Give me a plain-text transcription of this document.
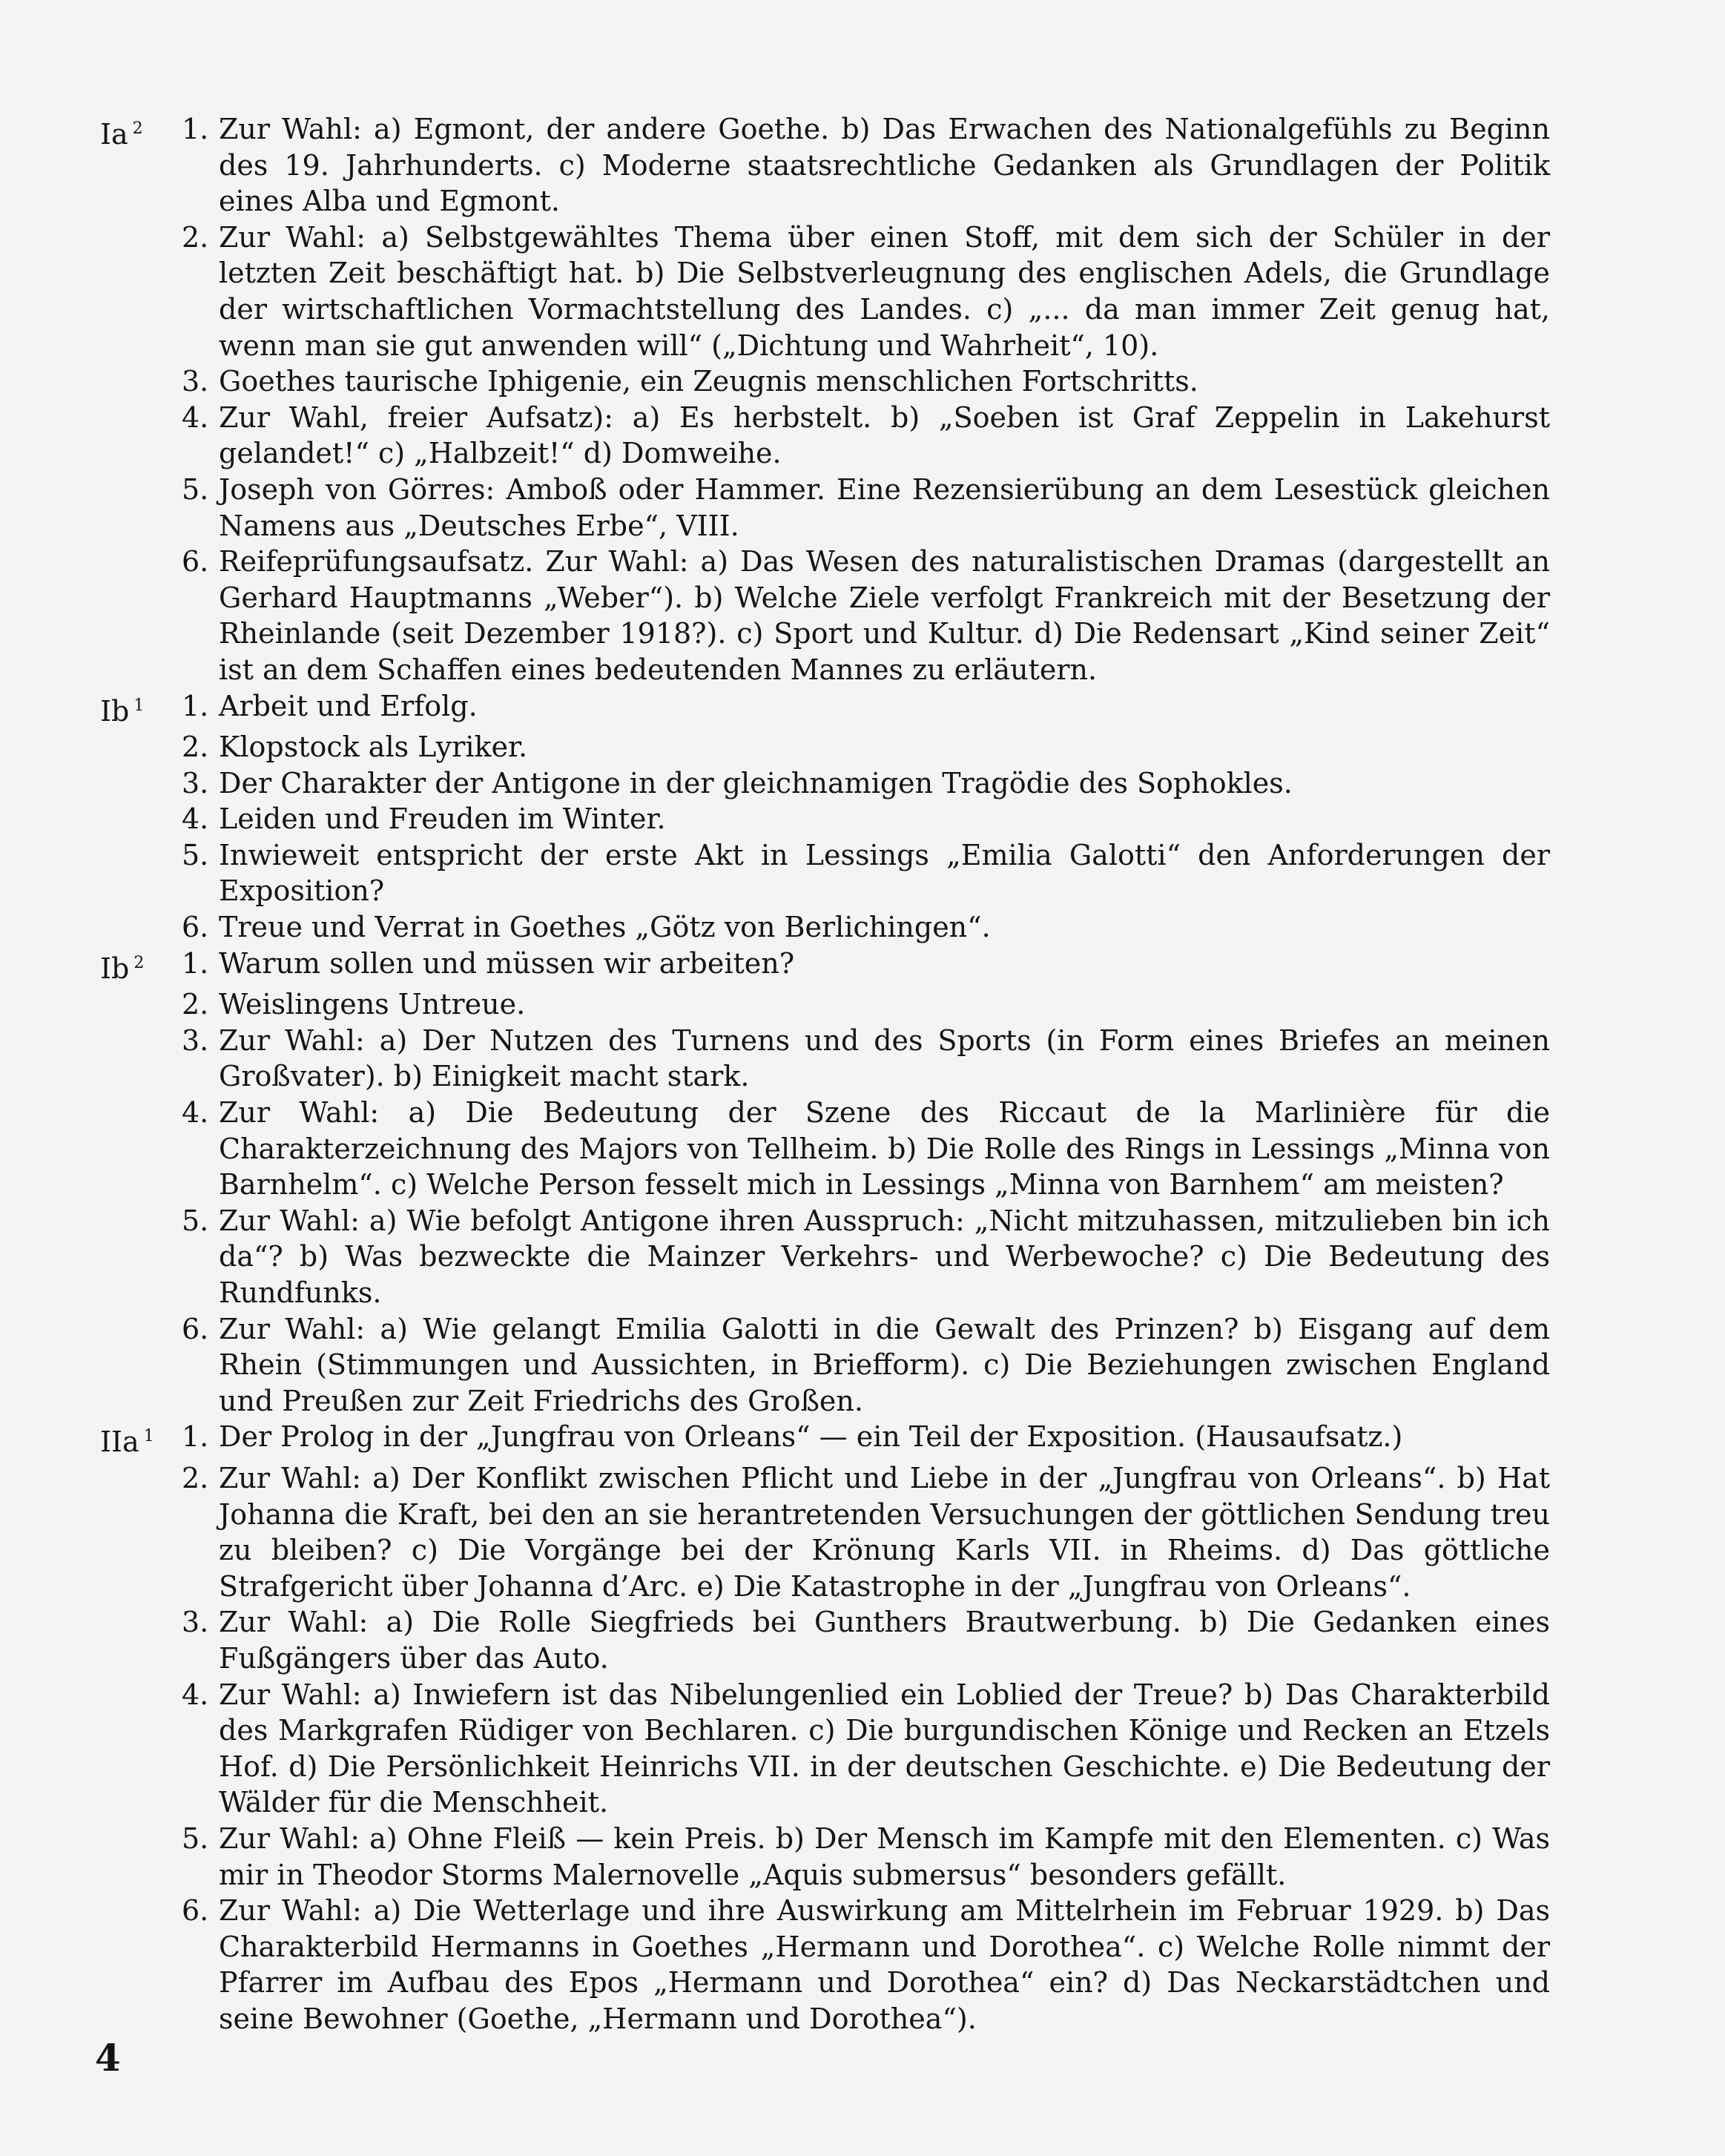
Ia $^2$	1. Zur Wahl: a) Egmont, der andere Goethe. b) Das Erwachen des Nationalgefühls zu Beginn des 19. Jahrhunderts. c) Moderne staatsrechtliche Gedanken als Grundlagen der Politik eines Alba und Egmont.
2. Zur Wahl: a) Selbstgewähltes Thema über einen Stoff, mit dem sich der Schüler in der letzten Zeit beschäftigt hat. b) Die Selbstverleugnung des englischen Adels, die Grundlage der wirtschaftlichen Vormachtstellung des Landes. c) „... da man immer Zeit genug hat, wenn man sie gut anwenden will“ („Dichtung und Wahrheit“, 10).
3. Goethes taurische Iphigenie, ein Zeugnis menschlichen Fortschritts.
4. Zur Wahl, freier Aufsatz): a) Es herbstelt. b) „Soeben ist Graf Zeppelin in Lakehurst gelandet!“ c) „Halbzeit!“ d) Domweihe.
5. Joseph von Görres: Amboß oder Hammer. Eine Rezensierübung an dem Lesestück gleichen Namens aus „Deutsches Erbe“, VIII.
6. Reifeprüfungsaufsatz. Zur Wahl: a) Das Wesen des naturalistischen Dramas (dargestellt an Gerhard Hauptmanns „Weber“). b) Welche Ziele verfolgt Frankreich mit der Besetzung der Rheinlande (seit Dezember 1918?). c) Sport und Kultur. d) Die Redensart „Kind seiner Zeit“ ist an dem Schaffen eines bedeutenden Mannes zu erläutern.
Ib $^1$	1. Arbeit und Erfolg.
2. Klopstock als Lyriker.
3. Der Charakter der Antigone in der gleichnamigen Tragödie des Sophokles.
4. Leiden und Freuden im Winter.
5. Inwieweit entspricht der erste Akt in Lessings „Emilia Galotti“ den Anforderungen der Exposition?
6. Treue und Verrat in Goethes „Götz von Berlichingen“.
Ib $^2$	1. Warum sollen und müssen wir arbeiten?
2. Weislingens Untreue.
3. Zur Wahl: a) Der Nutzen des Turnens und des Sports (in Form eines Briefes an meinen Großvater). b) Einigkeit macht stark.
4. Zur Wahl: a) Die Bedeutung der Szene des Riccaut de la Marlinière für die Charakterzeichnung des Majors von Tellheim. b) Die Rolle des Rings in Lessings „Minna von Barnhelm“. c) Welche Person fesselt mich in Lessings „Minna von Barnhem“ am meisten?
5. Zur Wahl: a) Wie befolgt Antigone ihren Ausspruch: „Nicht mitzuhassen, mitzulieben bin ich da“? b) Was bezweckte die Mainzer Verkehrs- und Werbewoche? c) Die Bedeutung des Rundfunks.
6. Zur Wahl: a) Wie gelangt Emilia Galotti in die Gewalt des Prinzen? b) Eisgang auf dem Rhein (Stimmungen und Aussichten, in Briefform). c) Die Beziehungen zwischen England und Preußen zur Zeit Friedrichs des Großen.
IIa $^1$ 1. Der Prolog in der „Jungfrau von Orleans“ — ein Teil der Exposition. (Hausaufsatz.)
2. Zur Wahl: a) Der Konflikt zwischen Pflicht und Liebe in der „Jungfrau von Orleans“. b) Hat Johanna die Kraft, bei den an sie herantretenden Versuchungen der göttlichen Sendung treu zu bleiben? c) Die Vorgänge bei der Krönung Karls VII. in Rheims. d) Das göttliche Strafgericht über Johanna d’Arc. e) Die Katastrophe in der „Jungfrau von Orleans“.
3. Zur Wahl: a) Die Rolle Siegfrieds bei Gunthers Brautwerbung. b) Die Gedanken eines Fußgängers über das Auto.
4. Zur Wahl: a) Inwiefern ist das Nibelungenlied ein Loblied der Treue? b) Das Charakterbild des Markgrafen Rüdiger von Bechlaren. c) Die burgundischen Könige und Recken an Etzels Hof. d) Die Persönlichkeit Heinrichs VII. in der deutschen Geschichte. e) Die Bedeutung der Wälder für die Menschheit.
5. Zur Wahl: a) Ohne Fleiß — kein Preis. b) Der Mensch im Kampfe mit den Elementen. c) Was mir in Theodor Storms Malernovelle „Aquis submersus“ besonders gefällt.
6. Zur Wahl: a) Die Wetterlage und ihre Auswirkung am Mittelrhein im Februar 1929. b) Das Charakterbild Hermanns in Goethes „Hermann und Dorothea“. c) Welche Rolle nimmt der Pfarrer im Aufbau des Epos „Hermann und Dorothea“ ein? d) Das Neckarstädtchen und seine Bewohner (Goethe, „Hermann und Dorothea“).
4
